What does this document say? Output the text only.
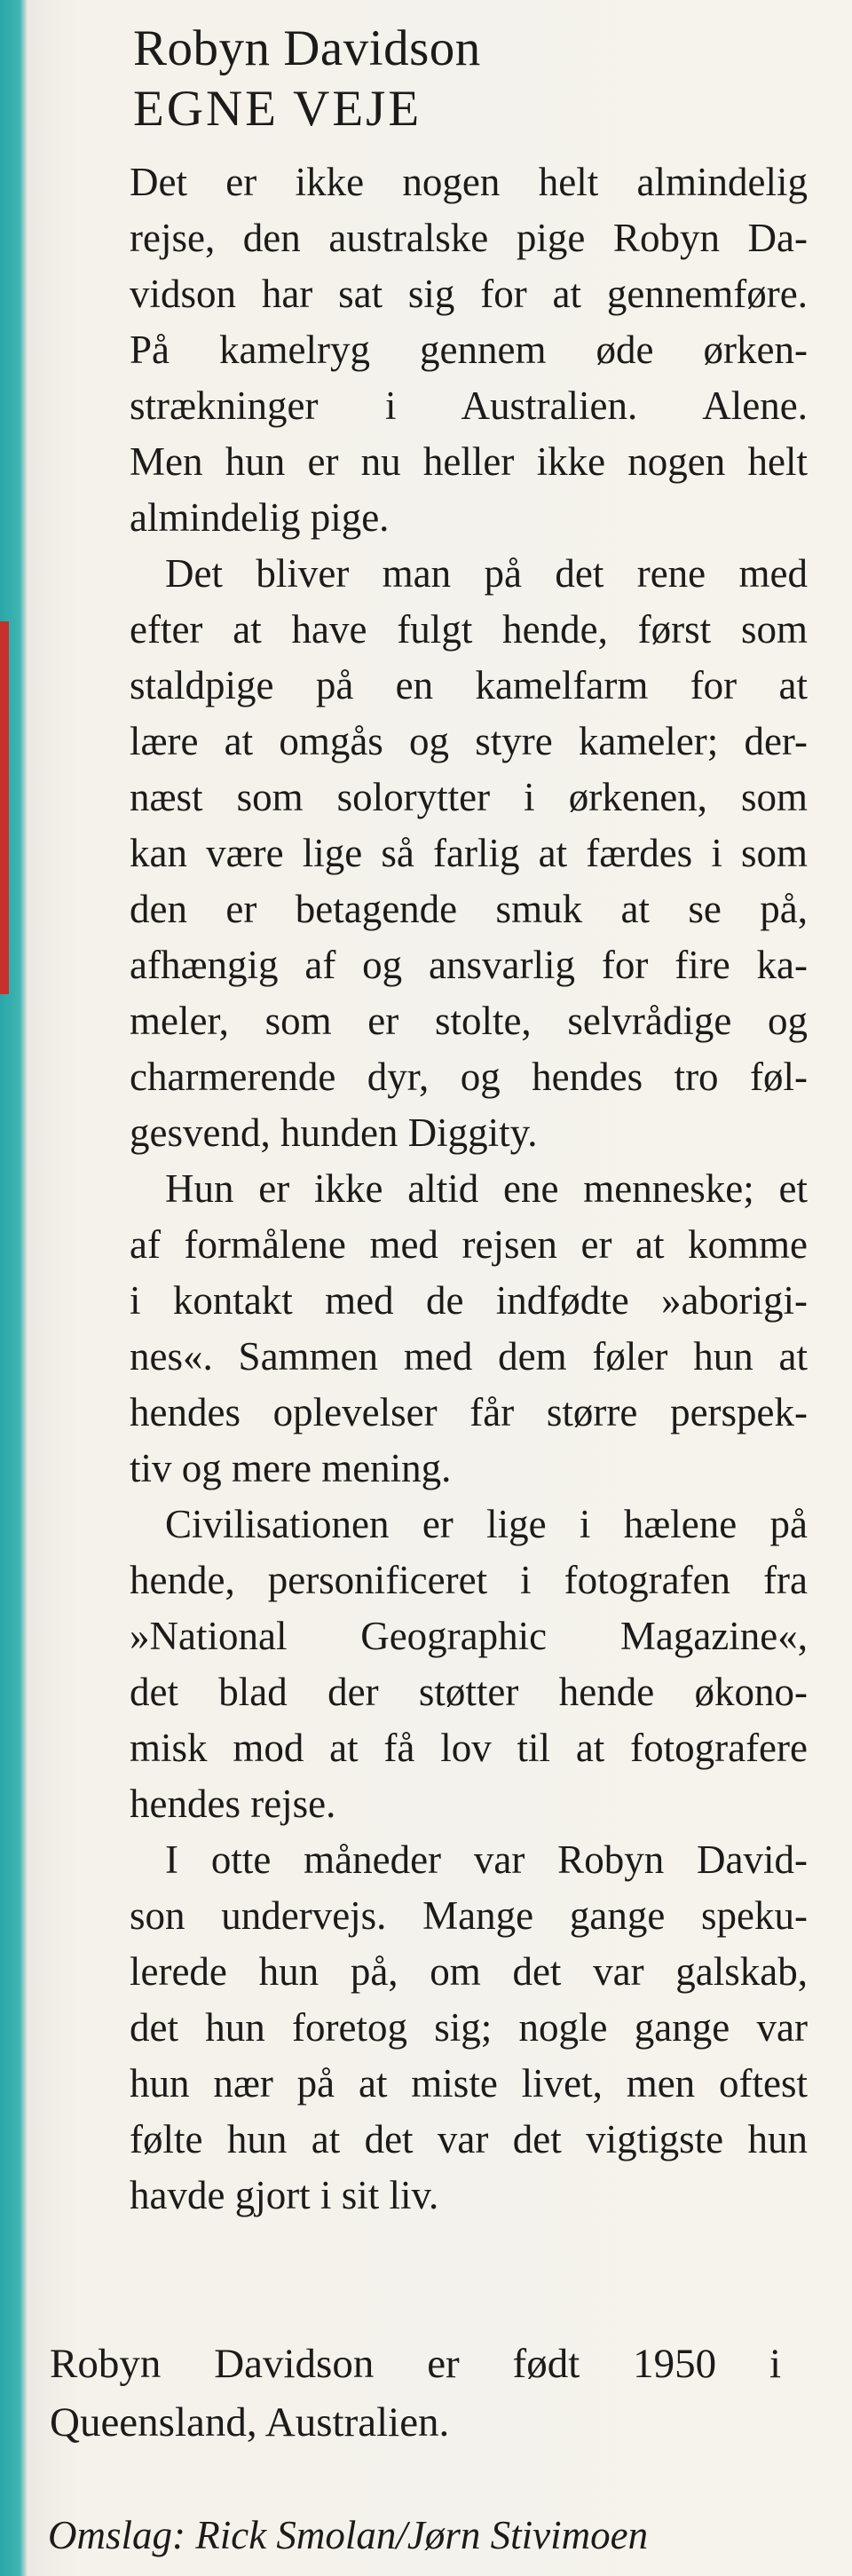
Robyn Davidson
EGNE VEJE

Det er ikke nogen helt almindelig
rejse, den australske pige Robyn Da-
vidson har sat sig for at gennemføre.
På kamelryg gennem øde ørken-
strækninger i Australien. Alene.
Men hun er nu heller ikke nogen helt
almindelig pige.

Det bliver man på det rene med
efter at have fulgt hende, først som
staldpige på en kamelfarm for at
lære at omgås og styre kameler; der-
næst som solorytter i ørkenen, som
kan være lige så farlig at færdes i som
den er betagende smuk at se på,
afhængig af og ansvarlig for fire ka-
meler, som er stolte, selvrådige og
charmerende dyr, og hendes tro føl-
gesvend, hunden Diggity.

Hun er ikke altid ene menneske; et
af formålene med rejsen er at komme
i kontakt med de indfødte »aborigi-
nes«. Sammen med dem føler hun at
hendes oplevelser får større perspek-
tiv og mere mening.

Civilisationen er lige i hælene på
hende, personificeret i fotografen fra
»National Geographic Magazine«,
det blad der støtter hende økono-
misk mod at få lov til at fotografere
hendes rejse.

I otte måneder var Robyn David-
son undervejs. Mange gange speku-
lerede hun på, om det var galskab,
det hun foretog sig; nogle gange var
hun nær på at miste livet, men oftest
følte hun at det var det vigtigste hun
havde gjort i sit liv.

Robyn Davidson er født 1950 i
Queensland, Australien.
Omslag: Rick Smolan/Jørn Stivimoen
